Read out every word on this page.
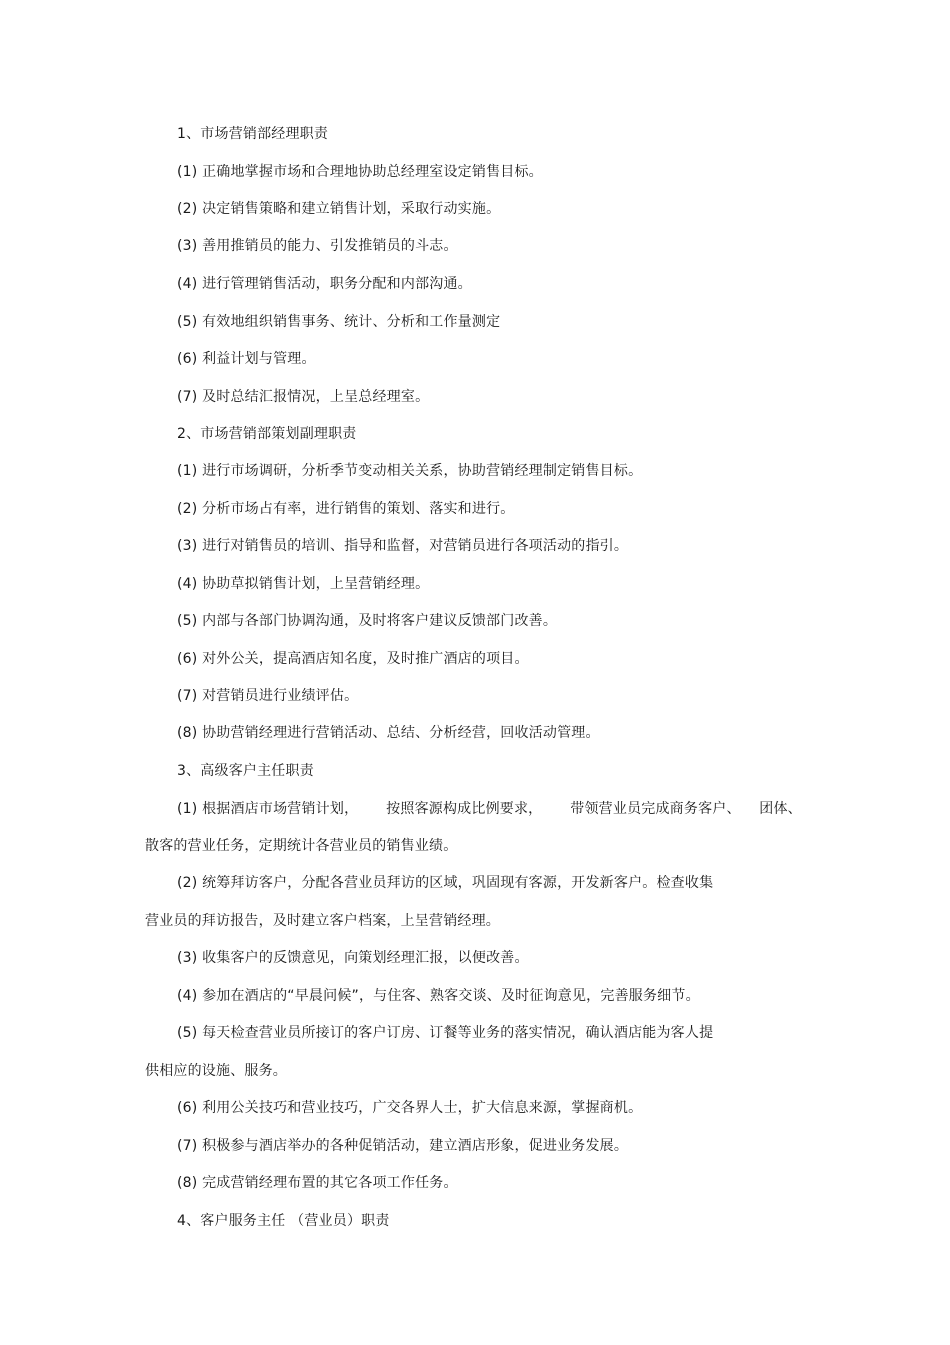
1、市场营销部经理职责
(1) 正确地掌握市场和合理地协助总经理室设定销售目标。
(2) 决定销售策略和建立销售计划，采取行动实施。
(3) 善用推销员的能力、引发推销员的斗志。
(4) 进行管理销售活动，职务分配和内部沟通。
(5) 有效地组织销售事务、统计、分析和工作量测定
(6) 利益计划与管理。
(7) 及时总结汇报情况，上呈总经理室。
2、市场营销部策划副理职责
(1) 进行市场调研，分析季节变动相关关系，协助营销经理制定销售目标。
(2) 分析市场占有率，进行销售的策划、落实和进行。
(3) 进行对销售员的培训、指导和监督，对营销员进行各项活动的指引。
(4) 协助草拟销售计划，上呈营销经理。
(5) 内部与各部门协调沟通，及时将客户建议反馈部门改善。
(6) 对外公关，提高酒店知名度，及时推广酒店的项目。
(7) 对营销员进行业绩评估。
(8) 协助营销经理进行营销活动、总结、分析经营，回收活动管理。
3、高级客户主任职责
(1) 根据酒店市场营销计划，      按照客源构成比例要求，      带领营业员完成商务客户、    团体、
散客的营业任务，定期统计各营业员的销售业绩。
(2) 统筹拜访客户，分配各营业员拜访的区域，巩固现有客源，开发新客户。检查收集
营业员的拜访报告，及时建立客户档案，上呈营销经理。
(3) 收集客户的反馈意见，向策划经理汇报，以便改善。
(4) 参加在酒店的“早晨问候”，与住客、熟客交谈、及时征询意见，完善服务细节。
(5) 每天检查营业员所接订的客户订房、订餐等业务的落实情况，确认酒店能为客人提
供相应的设施、服务。
(6) 利用公关技巧和营业技巧，广交各界人士，扩大信息来源，掌握商机。
(7) 积极参与酒店举办的各种促销活动，建立酒店形象，促进业务发展。
(8) 完成营销经理布置的其它各项工作任务。
4、客户服务主任 （营业员）职责
